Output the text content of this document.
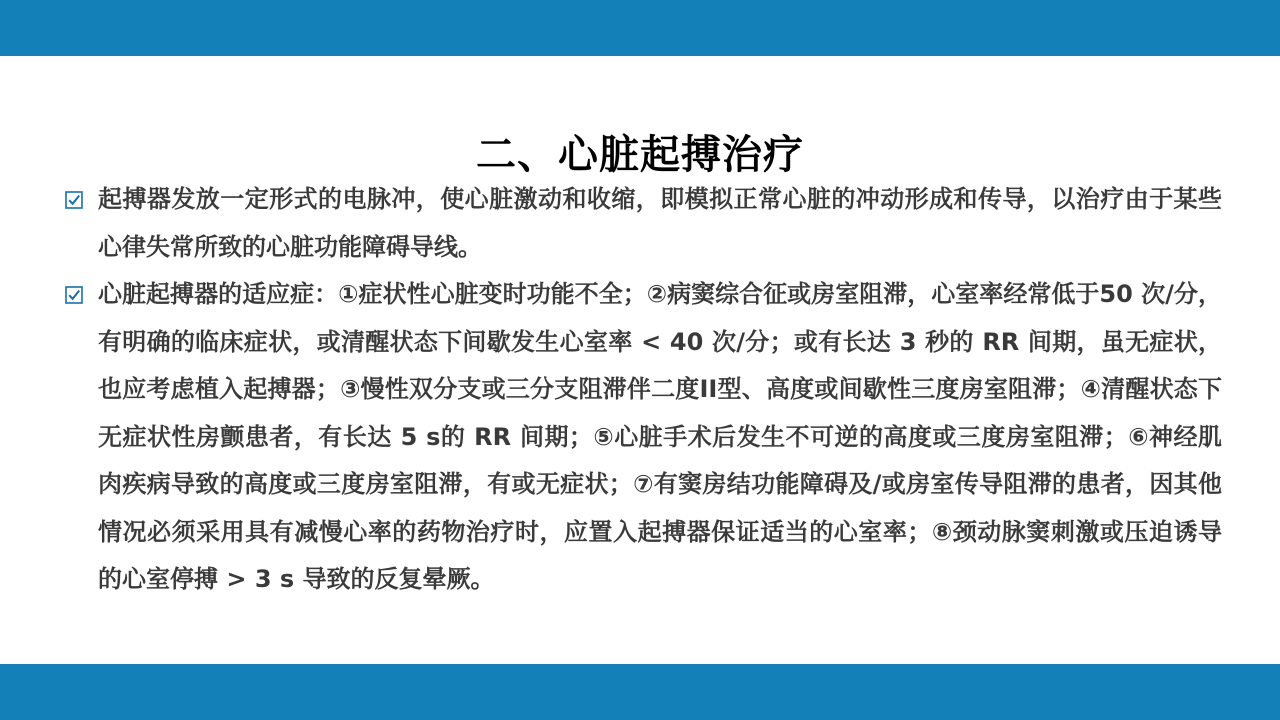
二、心脏起搏治疗
起搏器发放一定形式的电脉冲，使心脏激动和收缩，即模拟正常心脏的冲动形成和传导，以治疗由于某些心律失常所致的心脏功能障碍导线。
心脏起搏器的适应症：①症状性心脏变时功能不全；②病窦综合征或房室阻滞，心室率经常低于50 次/分，有明确的临床症状，或清醒状态下间歇发生心室率 < 40 次/分；或有长达 3 秒的 RR 间期，虽无症状，也应考虑植入起搏器；③慢性双分支或三分支阻滞伴二度II型、高度或间歇性三度房室阻滞；④清醒状态下无症状性房颤患者，有长达 5 s的 RR 间期；⑤心脏手术后发生不可逆的高度或三度房室阻滞；⑥神经肌肉疾病导致的高度或三度房室阻滞，有或无症状；⑦有窦房结功能障碍及/或房室传导阻滞的患者，因其他情况必须采用具有减慢心率的药物治疗时，应置入起搏器保证适当的心室率；⑧颈动脉窦刺激或压迫诱导的心室停搏 > 3 s 导致的反复晕厥。
